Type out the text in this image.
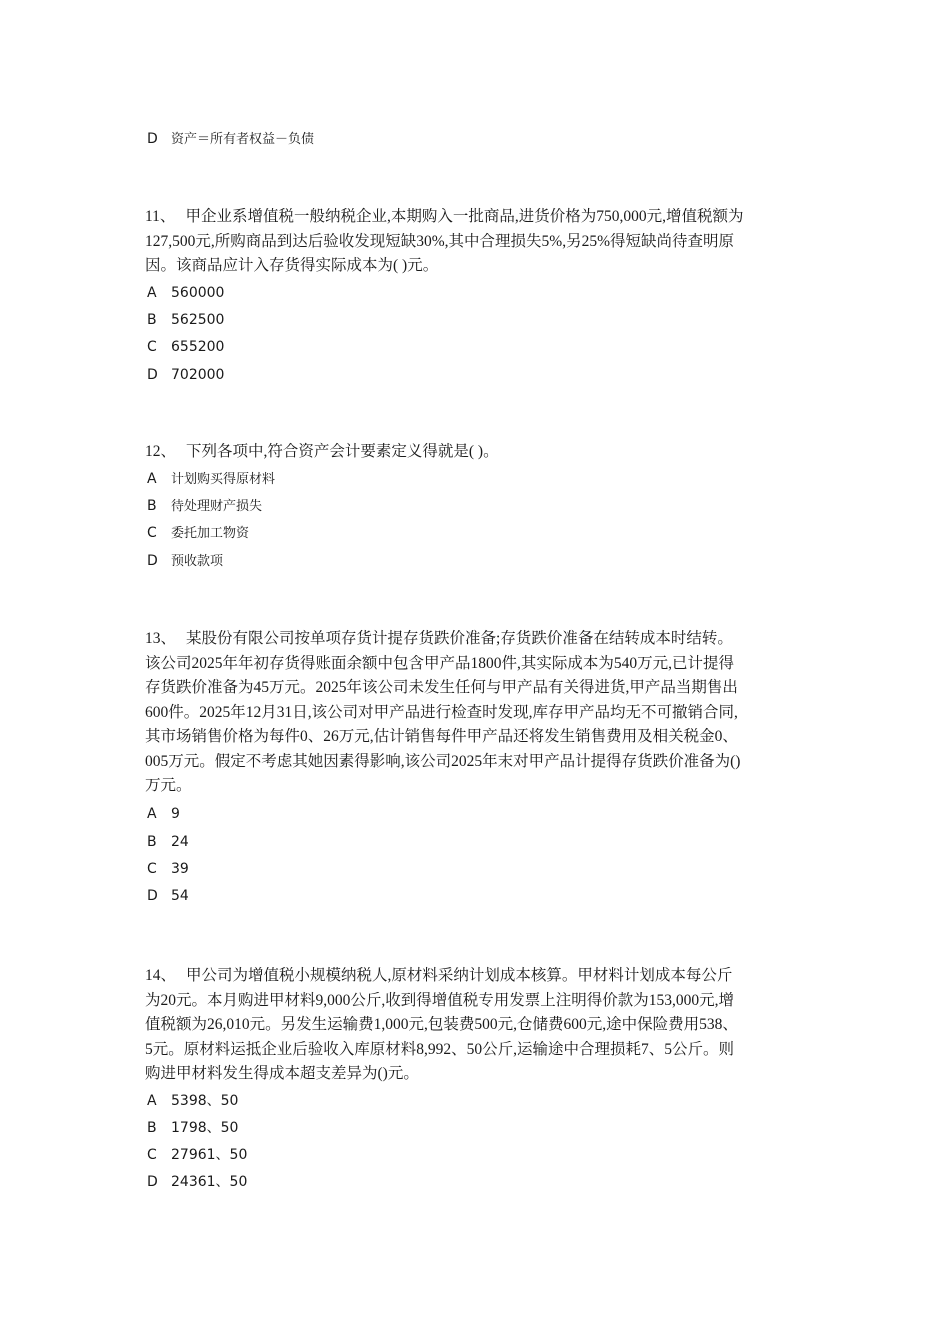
D 资产＝所有者权益－负债
11、 甲企业系增值税一般纳税企业,本期购入一批商品,进货价格为750,000元,增值税额为127,500元,所购商品到达后验收发现短缺30%,其中合理损失5%,另25%得短缺尚待查明原因。该商品应计入存货得实际成本为( )元。
A 560000
B 562500
C 655200
D 702000
12、 下列各项中,符合资产会计要素定义得就是( )。
A 计划购买得原材料
B 待处理财产损失
C 委托加工物资
D 预收款项
13、 某股份有限公司按单项存货计提存货跌价准备;存货跌价准备在结转成本时结转。该公司2025年年初存货得账面余额中包含甲产品1800件,其实际成本为540万元,已计提得存货跌价准备为45万元。2025年该公司未发生任何与甲产品有关得进货,甲产品当期售出600件。2025年12月31日,该公司对甲产品进行检查时发现,库存甲产品均无不可撤销合同,其市场销售价格为每件0、26万元,估计销售每件甲产品还将发生销售费用及相关税金0、005万元。假定不考虑其她因素得影响,该公司2025年末对甲产品计提得存货跌价准备为()万元。
A 9
B 24
C 39
D 54
14、 甲公司为增值税小规模纳税人,原材料采纳计划成本核算。甲材料计划成本每公斤为20元。本月购进甲材料9,000公斤,收到得增值税专用发票上注明得价款为153,000元,增值税额为26,010元。另发生运输费1,000元,包装费500元,仓储费600元,途中保险费用538、5元。原材料运抵企业后验收入库原材料8,992、50公斤,运输途中合理损耗7、5公斤。则购进甲材料发生得成本超支差异为()元。
A 5398、50
B 1798、50
C 27961、50
D 24361、50
